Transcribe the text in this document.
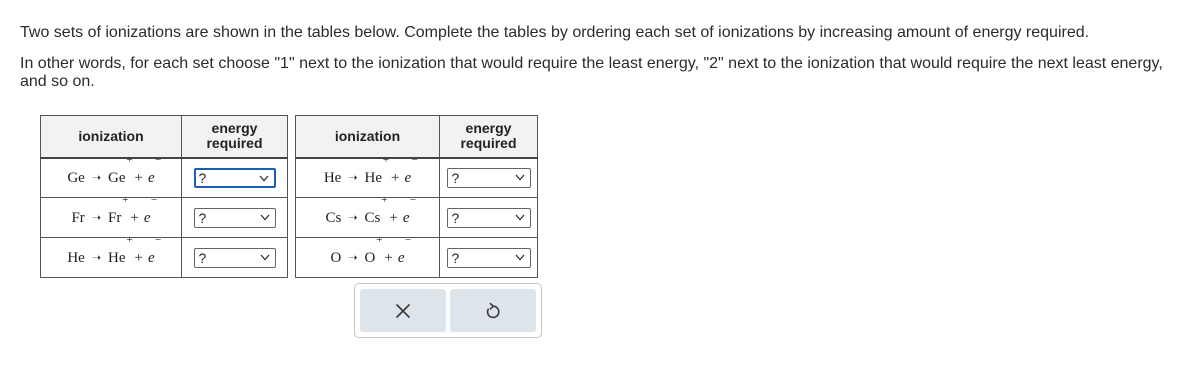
Two sets of ionizations are shown in the tables below. Complete the tables by ordering each set of ionizations by increasing amount of energy required.

In other words, for each set choose "1" next to the ionization that would require the least energy, "2" next to the ionization that would require the next least energy, and so on.

ionization	energy required
Ge ➝ Ge
+
+ e
−	?

Fr ➝ Fr
+
+ e
−	?

He ➝ He
+
+ e
−	?
ionization	energy required
He ➝ He
+
+ e
−	?

Cs ➝ Cs
+
+ e
−	?

O ➝ O
+
+ e
−	?
